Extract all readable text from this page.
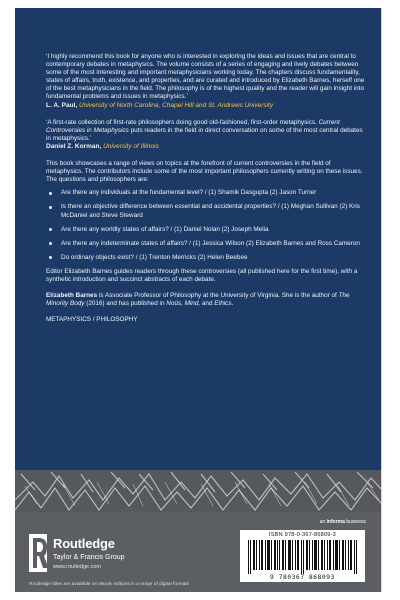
‘I highly recommend this book for anyone who is interested in exploring the ideas and issues that are central to contemporary debates in metaphysics. The volume consists of a series of engaging and lively debates between some of the most interesting and important metaphysicians working today. The chapters discuss fundamentality, states of affairs, truth, existence, and properties, and are curated and introduced by Elizabeth Barnes, herself one of the best metaphysicians in the field. The philosophy is of the highest quality and the reader will gain insight into fundamental problems and issues in metaphysics.’
L. A. Paul, University of North Carolina, Chapel Hill and St. Andrews University

‘A first-rate collection of first-rate philosophers doing good old-fashioned, first-order metaphysics. Current Controversies in Metaphysics puts readers in the field in direct conversation on some of the most central debates in metaphysics.’
Daniel Z. Korman, University of Illinois

This book showcases a range of views on topics at the forefront of current controversies in the field of metaphysics. The contributors include some of the most important philosophers currently writing on these issues. The questions and philosophers are:

Are there any individuals at the fundamental level? / (1) Shamik Dasgupta (2) Jason Turner
Is there an objective difference between essential and accidental properties? / (1) Meghan Sullivan (2) Kris McDaniel and Steve Steward
Are there any worldly states of affairs? / (1) Daniel Nolan (2) Joseph Melia
Are there any indeterminate states of affairs? / (1) Jessica Wilson (2) Elizabeth Barnes and Ross Cameron
Do ordinary objects exist? / (1) Trenton Merricks (2) Helen Beebee

Editor Elizabeth Barnes guides readers through these controversies (all published here for the first time), with a synthetic introduction and succinct abstracts of each debate.

Elizabeth Barnes is Associate Professor of Philosophy at the University of Virginia. She is the author of The Minority Body (2016) and has published in Noûs, Mind, and Ethics.

METAPHYSICS / PHILOSOPHY

an informa business
Routledge
Taylor & Francis Group
www.routledge.com
ISBN 978-0-367-86809-3
9 780367 868093
Routledge titles are available as eBook editions in a range of digital formats
